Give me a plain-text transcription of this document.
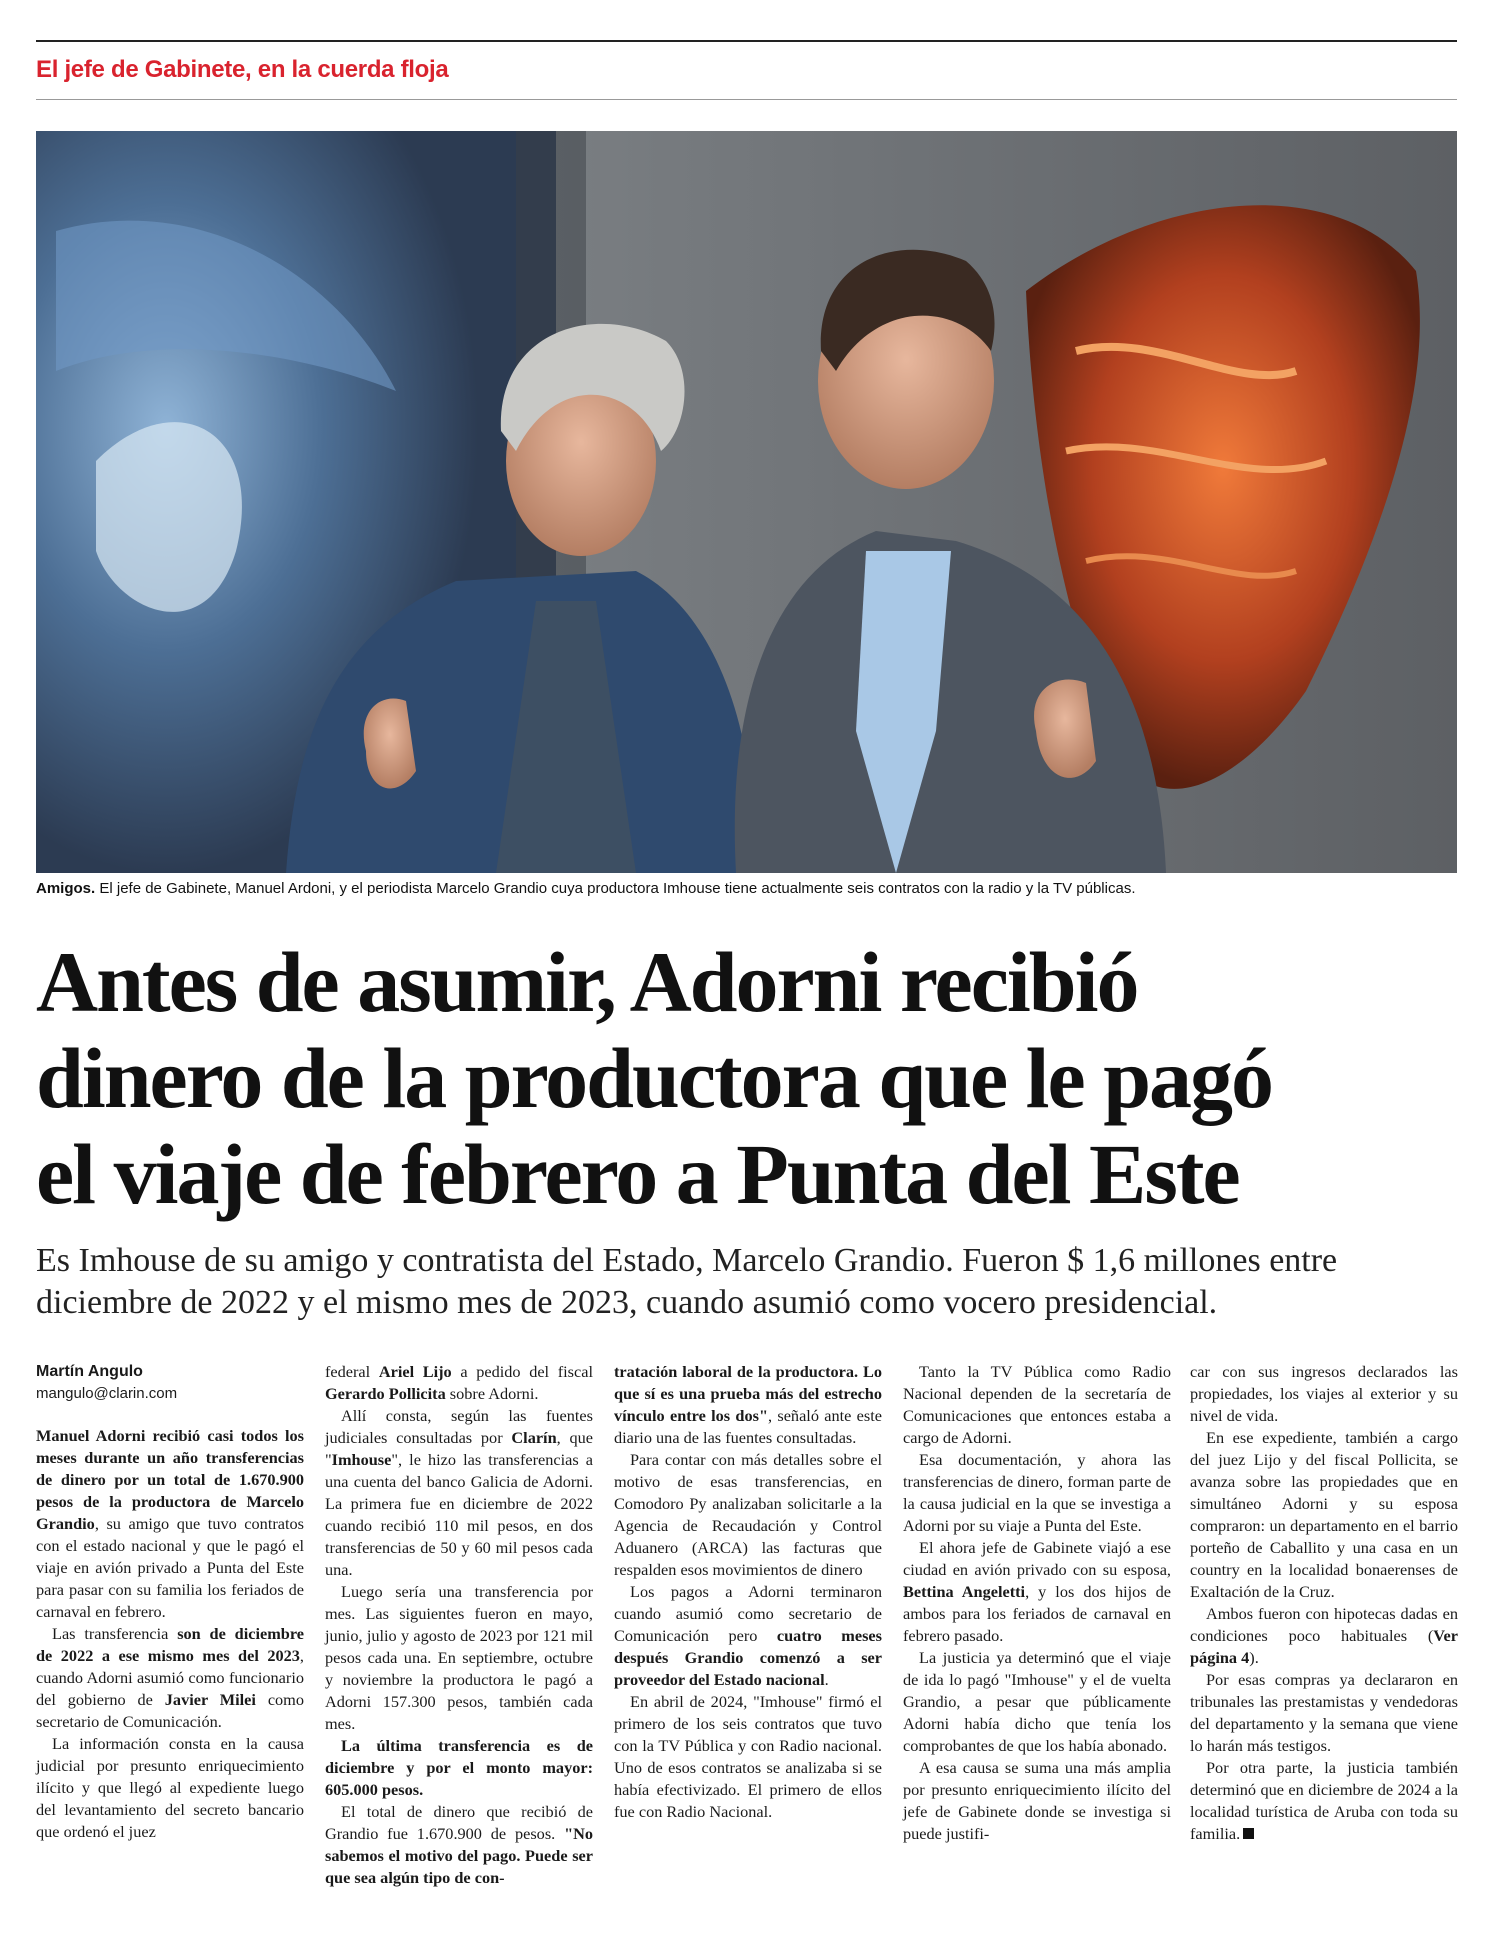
El jefe de Gabinete, en la cuerda floja
Amigos. El jefe de Gabinete, Manuel Ardoni, y el periodista Marcelo Grandio cuya productora Imhouse tiene actualmente seis contratos con la radio y la TV públicas.
Antes de asumir, Adorni recibió
dinero de la productora que le pagó
el viaje de febrero a Punta del Este
Es Imhouse de su amigo y contratista del Estado, Marcelo Grandio. Fueron $ 1,6 millones entre
diciembre de 2022 y el mismo mes de 2023, cuando asumió como vocero presidencial.
Martín Angulo
mangulo@clarin.com

Manuel Adorni recibió casi todos los meses durante un año transferencias de dinero por un total de 1.670.900 pesos de la productora de Marcelo Grandio, su amigo que tuvo contratos con el estado nacional y que le pagó el viaje en avión privado a Punta del Este para pasar con su familia los feriados de carnaval en febrero.

Las transferencia son de diciembre de 2022 a ese mismo mes del 2023, cuando Adorni asumió como funcionario del gobierno de Javier Milei como secretario de Comunicación.

La información consta en la causa judicial por presunto enriquecimiento ilícito y que llegó al expediente luego del levantamiento del secreto bancario que ordenó el juez

federal Ariel Lijo a pedido del fiscal Gerardo Pollicita sobre Adorni.

Allí consta, según las fuentes judiciales consultadas por Clarín, que "Imhouse", le hizo las transferencias a una cuenta del banco Galicia de Adorni. La primera fue en diciembre de 2022 cuando recibió 110 mil pesos, en dos transferencias de 50 y 60 mil pesos cada una.

Luego sería una transferencia por mes. Las siguientes fueron en mayo, junio, julio y agosto de 2023 por 121 mil pesos cada una. En septiembre, octubre y noviembre la productora le pagó a Adorni 157.300 pesos, también cada mes.

La última transferencia es de diciembre y por el monto mayor: 605.000 pesos.

El total de dinero que recibió de Grandio fue 1.670.900 de pesos. "No sabemos el motivo del pago. Puede ser que sea algún tipo de con-

tratación laboral de la productora. Lo que sí es una prueba más del estrecho vínculo entre los dos", señaló ante este diario una de las fuentes consultadas.

Para contar con más detalles sobre el motivo de esas transferencias, en Comodoro Py analizaban solicitarle a la Agencia de Recaudación y Control Aduanero (ARCA) las facturas que respalden esos movimientos de dinero

Los pagos a Adorni terminaron cuando asumió como secretario de Comunicación pero cuatro meses después Grandio comenzó a ser proveedor del Estado nacional.

En abril de 2024, "Imhouse" firmó el primero de los seis contratos que tuvo con la TV Pública y con Radio nacional. Uno de esos contratos se analizaba si se había efectivizado. El primero de ellos fue con Radio Nacional.

Tanto la TV Pública como Radio Nacional dependen de la secretaría de Comunicaciones que entonces estaba a cargo de Adorni.

Esa documentación, y ahora las transferencias de dinero, forman parte de la causa judicial en la que se investiga a Adorni por su viaje a Punta del Este.

El ahora jefe de Gabinete viajó a ese ciudad en avión privado con su esposa, Bettina Angeletti, y los dos hijos de ambos para los feriados de carnaval en febrero pasado.

La justicia ya determinó que el viaje de ida lo pagó "Imhouse" y el de vuelta Grandio, a pesar que públicamente Adorni había dicho que tenía los comprobantes de que los había abonado.

A esa causa se suma una más amplia por presunto enriquecimiento ilícito del jefe de Gabinete donde se investiga si puede justifi-

car con sus ingresos declarados las propiedades, los viajes al exterior y su nivel de vida.

En ese expediente, también a cargo del juez Lijo y del fiscal Pollicita, se avanza sobre las propiedades que en simultáneo Adorni y su esposa compraron: un departamento en el barrio porteño de Caballito y una casa en un country en la localidad bonaerenses de Exaltación de la Cruz.

Ambos fueron con hipotecas dadas en condiciones poco habituales (Ver página 4).

Por esas compras ya declararon en tribunales las prestamistas y vendedoras del departamento y la semana que viene lo harán más testigos.

Por otra parte, la justicia también determinó que en diciembre de 2024 a la localidad turística de Aruba con toda su familia.
